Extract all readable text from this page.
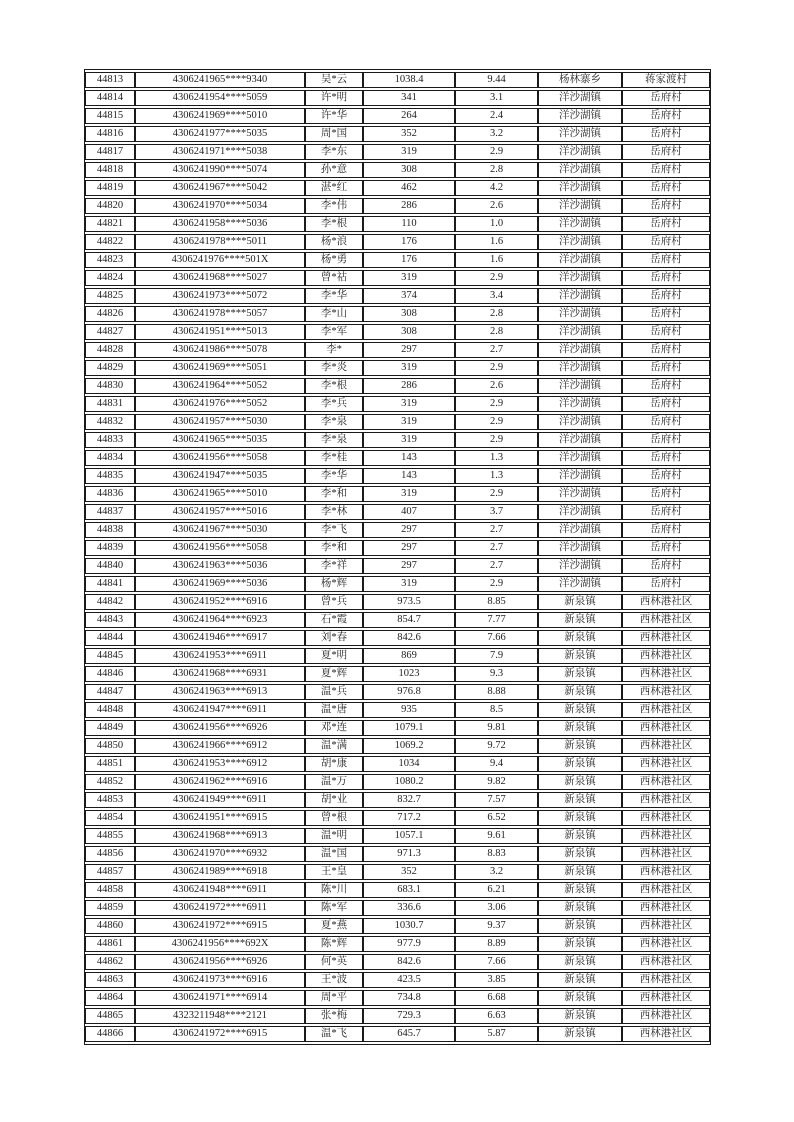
44813	4306241965****9340	吴*云	1038.4	9.44	杨林寨乡	蒋家渡村
44814	4306241954****5059	许*明	341	3.1	洋沙湖镇	岳府村
44815	4306241969****5010	许*华	264	2.4	洋沙湖镇	岳府村
44816	4306241977****5035	周*国	352	3.2	洋沙湖镇	岳府村
44817	4306241971****5038	李*东	319	2.9	洋沙湖镇	岳府村
44818	4306241990****5074	孙*意	308	2.8	洋沙湖镇	岳府村
44819	4306241967****5042	湛*红	462	4.2	洋沙湖镇	岳府村
44820	4306241970****5034	李*伟	286	2.6	洋沙湖镇	岳府村
44821	4306241958****5036	李*根	110	1.0	洋沙湖镇	岳府村
44822	4306241978****5011	杨*浪	176	1.6	洋沙湖镇	岳府村
44823	4306241976****501X	杨*勇	176	1.6	洋沙湖镇	岳府村
44824	4306241968****5027	曾*祜	319	2.9	洋沙湖镇	岳府村
44825	4306241973****5072	李*华	374	3.4	洋沙湖镇	岳府村
44826	4306241978****5057	李*山	308	2.8	洋沙湖镇	岳府村
44827	4306241951****5013	李*军	308	2.8	洋沙湖镇	岳府村
44828	4306241986****5078	李*	297	2.7	洋沙湖镇	岳府村
44829	4306241969****5051	李*炎	319	2.9	洋沙湖镇	岳府村
44830	4306241964****5052	李*根	286	2.6	洋沙湖镇	岳府村
44831	4306241976****5052	李*兵	319	2.9	洋沙湖镇	岳府村
44832	4306241957****5030	李*泉	319	2.9	洋沙湖镇	岳府村
44833	4306241965****5035	李*泉	319	2.9	洋沙湖镇	岳府村
44834	4306241956****5058	李*桂	143	1.3	洋沙湖镇	岳府村
44835	4306241947****5035	李*华	143	1.3	洋沙湖镇	岳府村
44836	4306241965****5010	李*和	319	2.9	洋沙湖镇	岳府村
44837	4306241957****5016	李*林	407	3.7	洋沙湖镇	岳府村
44838	4306241967****5030	李*飞	297	2.7	洋沙湖镇	岳府村
44839	4306241956****5058	李*和	297	2.7	洋沙湖镇	岳府村
44840	4306241963****5036	李*祥	297	2.7	洋沙湖镇	岳府村
44841	4306241969****5036	杨*辉	319	2.9	洋沙湖镇	岳府村
44842	4306241952****6916	曾*兵	973.5	8.85	新泉镇	西林港社区
44843	4306241964****6923	石*霞	854.7	7.77	新泉镇	西林港社区
44844	4306241946****6917	刘*春	842.6	7.66	新泉镇	西林港社区
44845	4306241953****6911	夏*明	869	7.9	新泉镇	西林港社区
44846	4306241968****6931	夏*辉	1023	9.3	新泉镇	西林港社区
44847	4306241963****6913	温*兵	976.8	8.88	新泉镇	西林港社区
44848	4306241947****6911	温*唐	935	8.5	新泉镇	西林港社区
44849	4306241956****6926	邓*连	1079.1	9.81	新泉镇	西林港社区
44850	4306241966****6912	温*满	1069.2	9.72	新泉镇	西林港社区
44851	4306241953****6912	胡*康	1034	9.4	新泉镇	西林港社区
44852	4306241962****6916	温*万	1080.2	9.82	新泉镇	西林港社区
44853	4306241949****6911	胡*业	832.7	7.57	新泉镇	西林港社区
44854	4306241951****6915	曾*根	717.2	6.52	新泉镇	西林港社区
44855	4306241968****6913	温*明	1057.1	9.61	新泉镇	西林港社区
44856	4306241970****6932	温*国	971.3	8.83	新泉镇	西林港社区
44857	4306241989****6918	王*皇	352	3.2	新泉镇	西林港社区
44858	4306241948****6911	陈*川	683.1	6.21	新泉镇	西林港社区
44859	4306241972****6911	陈*军	336.6	3.06	新泉镇	西林港社区
44860	4306241972****6915	夏*燕	1030.7	9.37	新泉镇	西林港社区
44861	4306241956****692X	陈*辉	977.9	8.89	新泉镇	西林港社区
44862	4306241956****6926	何*英	842.6	7.66	新泉镇	西林港社区
44863	4306241973****6916	王*波	423.5	3.85	新泉镇	西林港社区
44864	4306241971****6914	周*平	734.8	6.68	新泉镇	西林港社区
44865	4323211948****2121	张*梅	729.3	6.63	新泉镇	西林港社区
44866	4306241972****6915	温*飞	645.7	5.87	新泉镇	西林港社区
